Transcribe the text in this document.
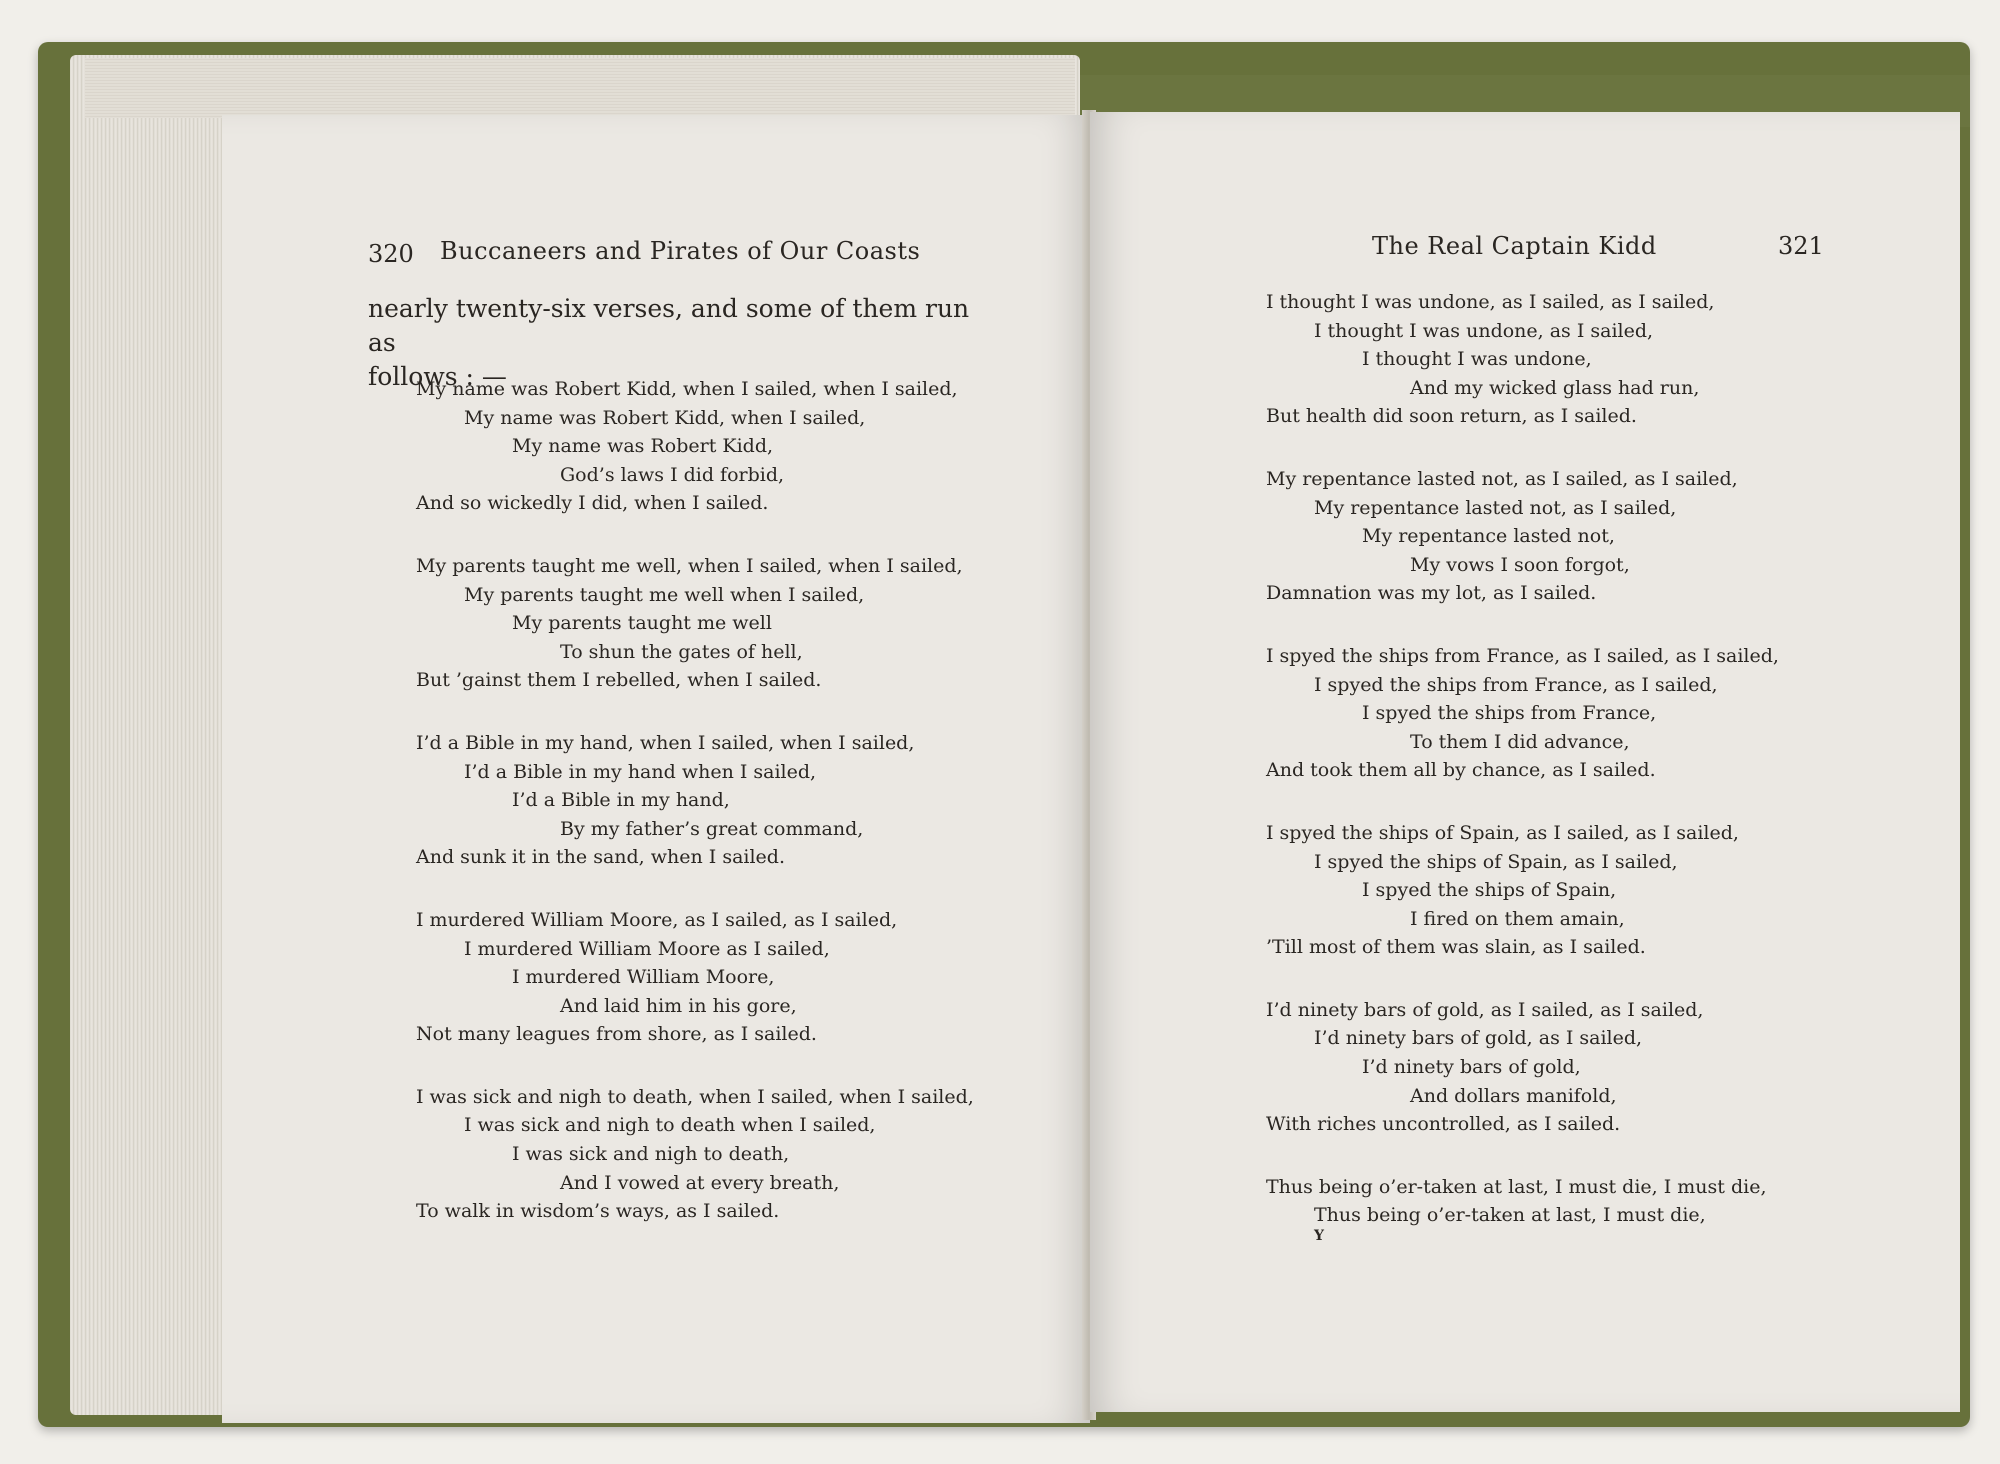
320 Buccaneers and Pirates of Our Coasts
nearly twenty-six verses, and some of them run as
follows : —
My name was Robert Kidd, when I sailed, when I sailed,
My name was Robert Kidd, when I sailed,
My name was Robert Kidd,
God’s laws I did forbid,
And so wickedly I did, when I sailed.
My parents taught me well, when I sailed, when I sailed,
My parents taught me well when I sailed,
My parents taught me well
To shun the gates of hell,
But ’gainst them I rebelled, when I sailed.
I’d a Bible in my hand, when I sailed, when I sailed,
I’d a Bible in my hand when I sailed,
I’d a Bible in my hand,
By my father’s great command,
And sunk it in the sand, when I sailed.
I murdered William Moore, as I sailed, as I sailed,
I murdered William Moore as I sailed,
I murdered William Moore,
And laid him in his gore,
Not many leagues from shore, as I sailed.
I was sick and nigh to death, when I sailed, when I sailed,
I was sick and nigh to death when I sailed,
I was sick and nigh to death,
And I vowed at every breath,
To walk in wisdom’s ways, as I sailed.
The Real Captain Kidd	321
I thought I was undone, as I sailed, as I sailed,
I thought I was undone, as I sailed,
I thought I was undone,
And my wicked glass had run,
But health did soon return, as I sailed.
My repentance lasted not, as I sailed, as I sailed,
My repentance lasted not, as I sailed,
My repentance lasted not,
My vows I soon forgot,
Damnation was my lot, as I sailed.
I spyed the ships from France, as I sailed, as I sailed,
I spyed the ships from France, as I sailed,
I spyed the ships from France,
To them I did advance,
And took them all by chance, as I sailed.
I spyed the ships of Spain, as I sailed, as I sailed,
I spyed the ships of Spain, as I sailed,
I spyed the ships of Spain,
I fired on them amain,
’Till most of them was slain, as I sailed.
I’d ninety bars of gold, as I sailed, as I sailed,
I’d ninety bars of gold, as I sailed,
I’d ninety bars of gold,
And dollars manifold,
With riches uncontrolled, as I sailed.
Thus being o’er-taken at last, I must die, I must die,
Thus being o’er-taken at last, I must die,
Y
